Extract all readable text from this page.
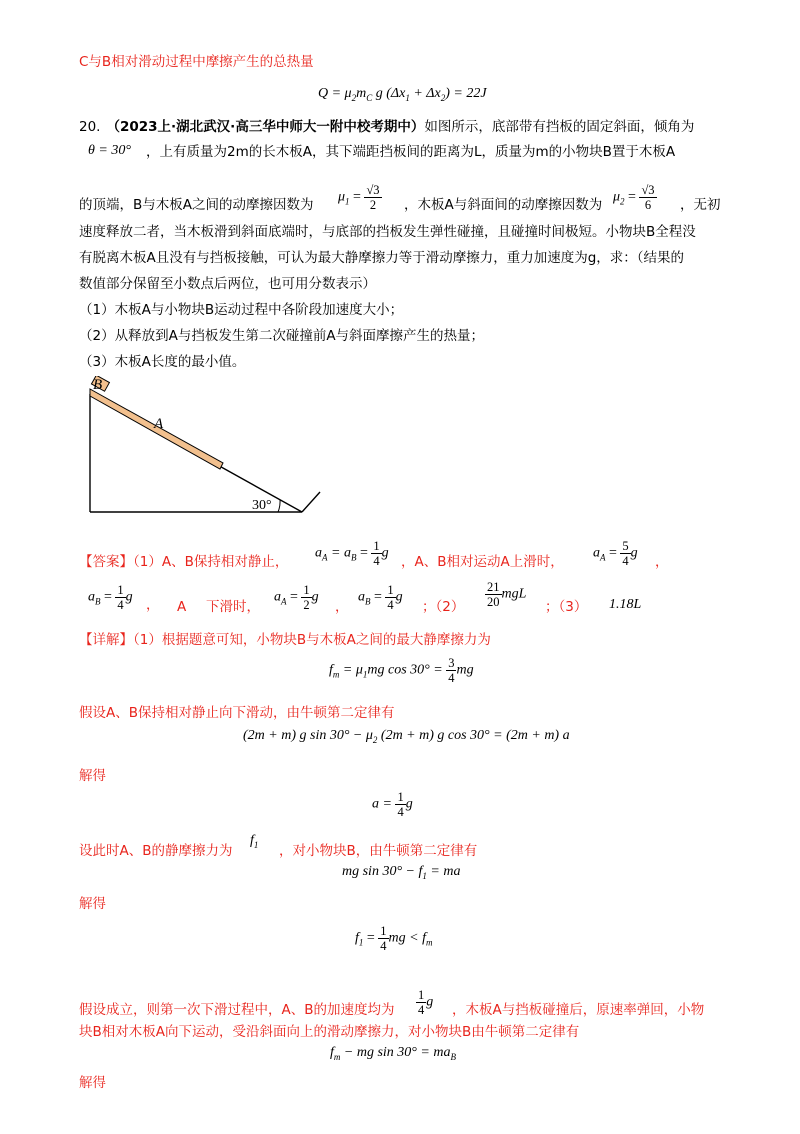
C与B相对滑动过程中摩擦产生的总热量
$Q = \mu_2m_C$ g $(\Delta x_1 + \Delta x_2) = 22J$
20. （2023上·湖北武汉·高三华中师大一附中校考期中）如图所示，底部带有挡板的固定斜面，倾角为
θ = 30° ，上有质量为2m的长木板A，其下端距挡板间的距离为L，质量为m的小物块B置于木板A
的顶端，B与木板A之间的动摩擦因数为 $\mu_1 = \frac{√3}{2}$ ，木板A与斜面间的动摩擦因数为 $\mu_2 = \frac{√3}{6}$ ，无初
速度释放二者，当木板滑到斜面底端时，与底部的挡板发生弹性碰撞，且碰撞时间极短。小物块B全程没
有脱离木板A且没有与挡板接触，可认为最大静摩擦力等于滑动摩擦力，重力加速度为g，求：（结果的
数值部分保留至小数点后两位，也可用分数表示）
（1）木板A与小物块B运动过程中各阶段加速度大小；
（2）从释放到A与挡板发生第二次碰撞前A与斜面摩擦产生的热量；
（3）木板A长度的最小值。
B
A
30°
【答案】（1）A、B保持相对静止，
$a_A = a_B = \frac{1}{4}$ g
，A、B相对运动A上滑时，
$a_A = \frac{5}{4}$ g
，
$a_B = \frac{1}{4}$ g ， A 下滑时，
$a_A = \frac{1}{2}$ g
，
$a_B = \frac{1}{4}$ g
；$(2) \frac{21}{20}$ mgL
；（3） 1.18L
【详解】（1）根据题意可知，小物块B与木板A之间的最大静摩擦力为
$f_m = \mu_1mg$ $\cos 30^\circ = \frac{3}{4}$ mg
假设A、B保持相对静止向下滑动，由牛顿第二定律有
(2m + m) g $\sin 30^\circ - \mu_2$ (2m + m) g cos 30° = (2m + m) a
解得
$a = \frac{1}{4}$ g
设此时A、B的静摩擦力为
$f_1$ ，对小物块B，由牛顿第二定律有
mg $\sin 30^\circ - f_1$ = ma
解得
$f_1 = \frac{1}{4}$ mg < $f_m$
假设成立，则第一次下滑过程中，A、B的加速度均为 $\frac{1}{4}$ g ，木板A与挡板碰撞后，原速率弹回，小物
块B相对木板A向下运动，受沿斜面向上的滑动摩擦力，对小物块B由牛顿第二定律有
$f_m$ − mg $\sin 30^\circ = ma_B$
解得
